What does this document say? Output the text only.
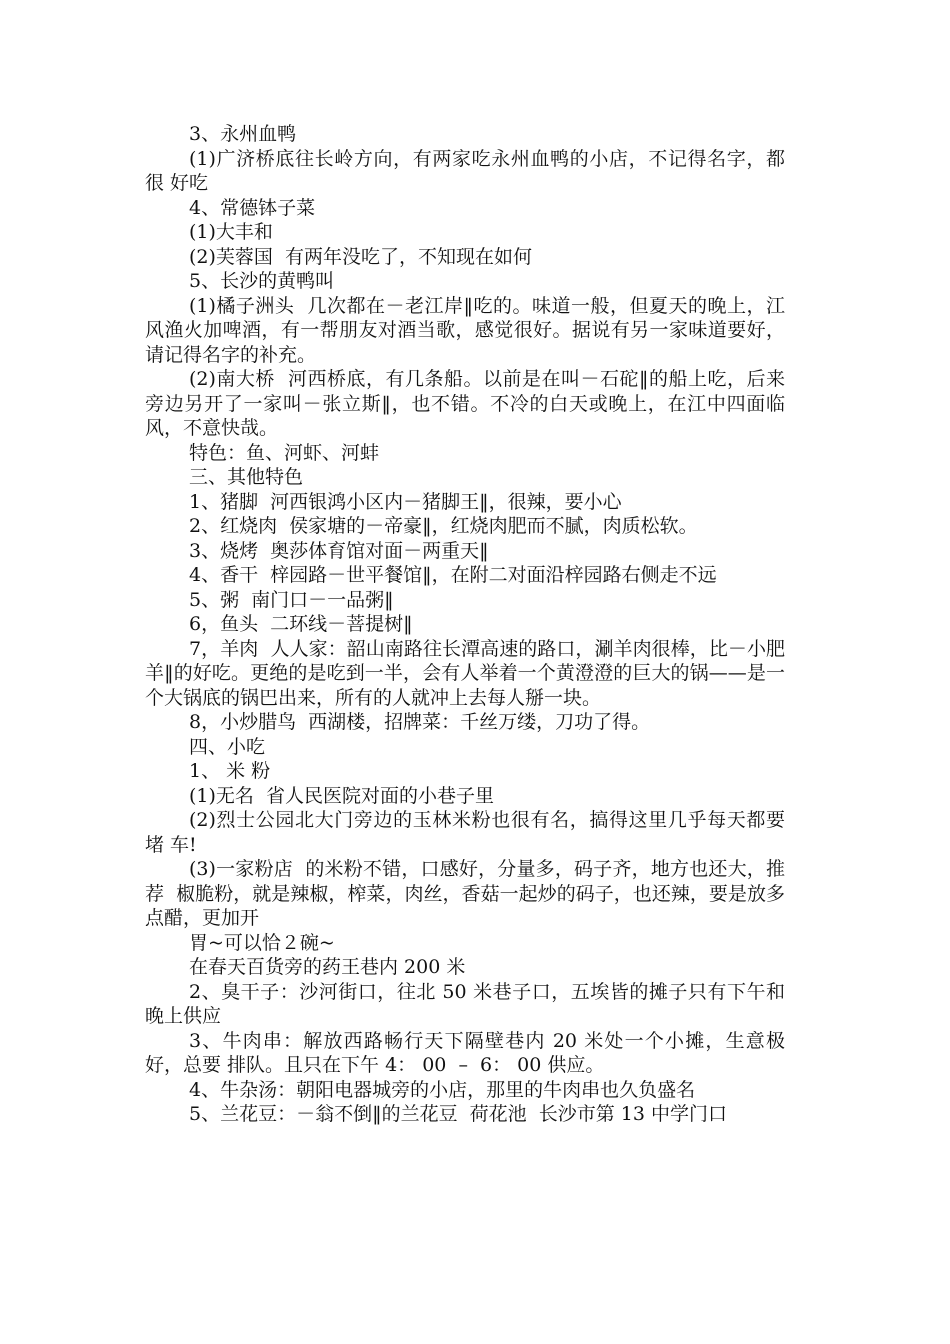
3、永州血鸭

(1)广济桥底往长岭方向，有两家吃永州血鸭的小店，不记得名字，都很 好吃

4、常德钵子菜

(1)大丰和

(2)芙蓉国  有两年没吃了，不知现在如何

5、长沙的黄鸭叫

(1)橘子洲头  几次都在－老江岸‖吃的。味道一般，但夏天的晚上，江风渔火加啤酒，有一帮朋友对酒当歌，感觉很好。据说有另一家味道要好，请记得名字的补充。

(2)南大桥  河西桥底，有几条船。以前是在叫－石砣‖的船上吃，后来旁边另开了一家叫－张立斯‖，也不错。不冷的白天或晚上，在江中四面临风，不意快哉。

特色：鱼、河虾、河蚌

三、其他特色

1、猪脚  河西银鸿小区内－猪脚王‖，很辣，要小心

2、红烧肉  侯家塘的－帝豪‖，红烧肉肥而不腻，肉质松软。

3、烧烤  奥莎体育馆对面－两重天‖

4、香干  梓园路－世平餐馆‖，在附二对面沿梓园路右侧走不远

5、粥  南门口－一品粥‖

6，鱼头  二环线－菩提树‖

7，羊肉  人人家：韶山南路往长潭高速的路口，涮羊肉很棒，比－小肥羊‖的好吃。更绝的是吃到一半，会有人举着一个黄澄澄的巨大的锅——是一个大锅底的锅巴出来，所有的人就冲上去每人掰一块。

8，小炒腊鸟  西湖楼，招牌菜：千丝万缕，刀功了得。

四、小吃

1、 米 粉

(1)无名  省人民医院对面的小巷子里

(2)烈士公园北大门旁边的玉林米粉也很有名，搞得这里几乎每天都要堵 车!

(3)一家粉店  的米粉不错，口感好，分量多，码子齐，地方也还大，推荐  椒脆粉，就是辣椒，榨菜，肉丝，香菇一起炒的码子，也还辣，要是放多点醋，更加开

胃~可以恰２碗~

在春天百货旁的药王巷内 200 米

2、臭干子：沙河街口，往北 50 米巷子口，五埃皆的摊子只有下午和晚上供应

3、牛肉串：解放西路畅行天下隔壁巷内 20 米处一个小摊，生意极好，总要 排队。且只在下午 4： 00  –  6： 00 供应。

4、牛杂汤：朝阳电器城旁的小店，那里的牛肉串也久负盛名

5、兰花豆：－翁不倒‖的兰花豆  荷花池  长沙市第 13 中学门口
